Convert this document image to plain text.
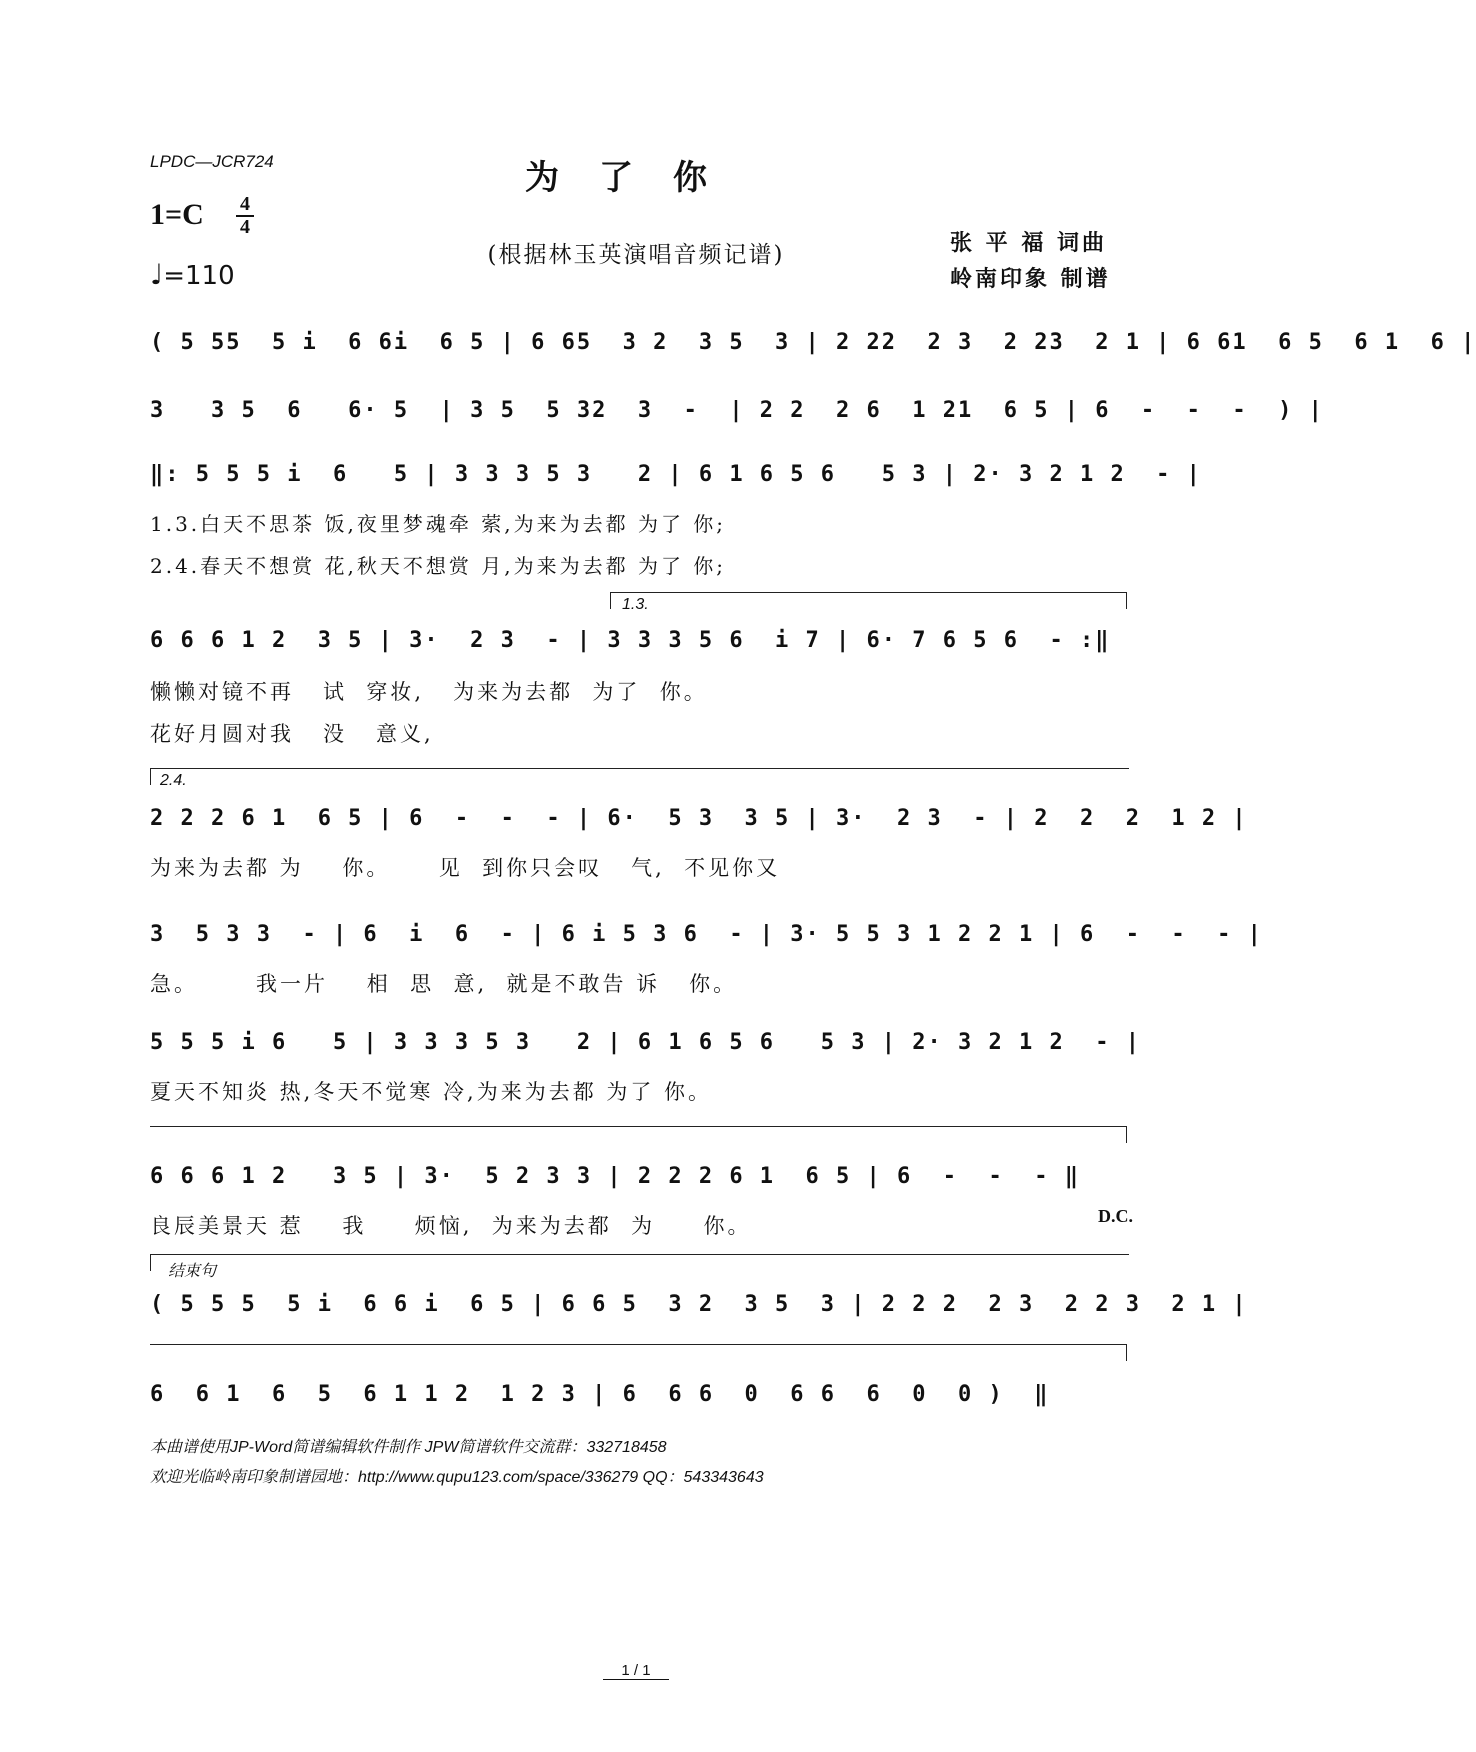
LPDC—JCR724	为了你
1=C 4
4
♩=110
(根据林玉英演唱音频记谱)	张 平 福 词曲
岭南印象 制谱
( 5 55  5 i  6 6i  6 5 | 6 65  3 2  3 5  3 | 2 22  2 3  2 23  2 1 | 6 61  6 5  6 1  6 |
3   3 5  6   6· 5  | 3 5  5 32  3  -  | 2 2  2 6  1 21  6 5 | 6  -  -  -  ) |
‖: 5 5 5 i  6   5 | 3 3 3 5 3   2 | 6 1 6 5 6   5 3 | 2· 3 2 1 2  - |
1.3.白天不思茶 饭,夜里梦魂牵 萦,为来为去都 为了 你;
2.4.春天不想赏 花,秋天不想赏 月,为来为去都 为了 你;
1.3.
6 6 6 1 2  3 5 | 3·  2 3  - | 3 3 3 5 6  i 7 | 6· 7 6 5 6  - :‖
懒懒对镜不再   试  穿妆,   为来为去都  为了  你。
花好月圆对我   没   意义,
2.4.
2 2 2 6 1  6 5 | 6  -  -  - | 6·  5 3  3 5 | 3·  2 3  - | 2  2  2  1 2 |
为来为去都 为    你。     见  到你只会叹   气,  不见你又
3  5 3 3  - | 6  i  6  - | 6 i 5 3 6  - | 3· 5 5 3 1 2 2 1 | 6  -  -  - |
急。      我一片    相  思  意,  就是不敢告 诉   你。
5 5 5 i 6   5 | 3 3 3 5 3   2 | 6 1 6 5 6   5 3 | 2· 3 2 1 2  - |
夏天不知炎 热,冬天不觉寒 冷,为来为去都 为了 你。
6 6 6 1 2   3 5 | 3·  5 2 3 3 | 2 2 2 6 1  6 5 | 6  -  -  - ‖
良辰美景天 惹    我     烦恼,  为来为去都  为     你。	D.C.
结束句
( 5 5 5  5 i  6 6 i  6 5 | 6 6 5  3 2  3 5  3 | 2 2 2  2 3  2 2 3  2 1 |
6  6 1  6  5  6 1 1 2  1 2 3 | 6  6 6  0  6 6  6  0  0 )  ‖
本曲谱使用JP-Word简谱编辑软件制作 JPW简谱软件交流群：332718458
欢迎光临岭南印象制谱园地：http://www.qupu123.com/space/336279 QQ：543343643
1 / 1
